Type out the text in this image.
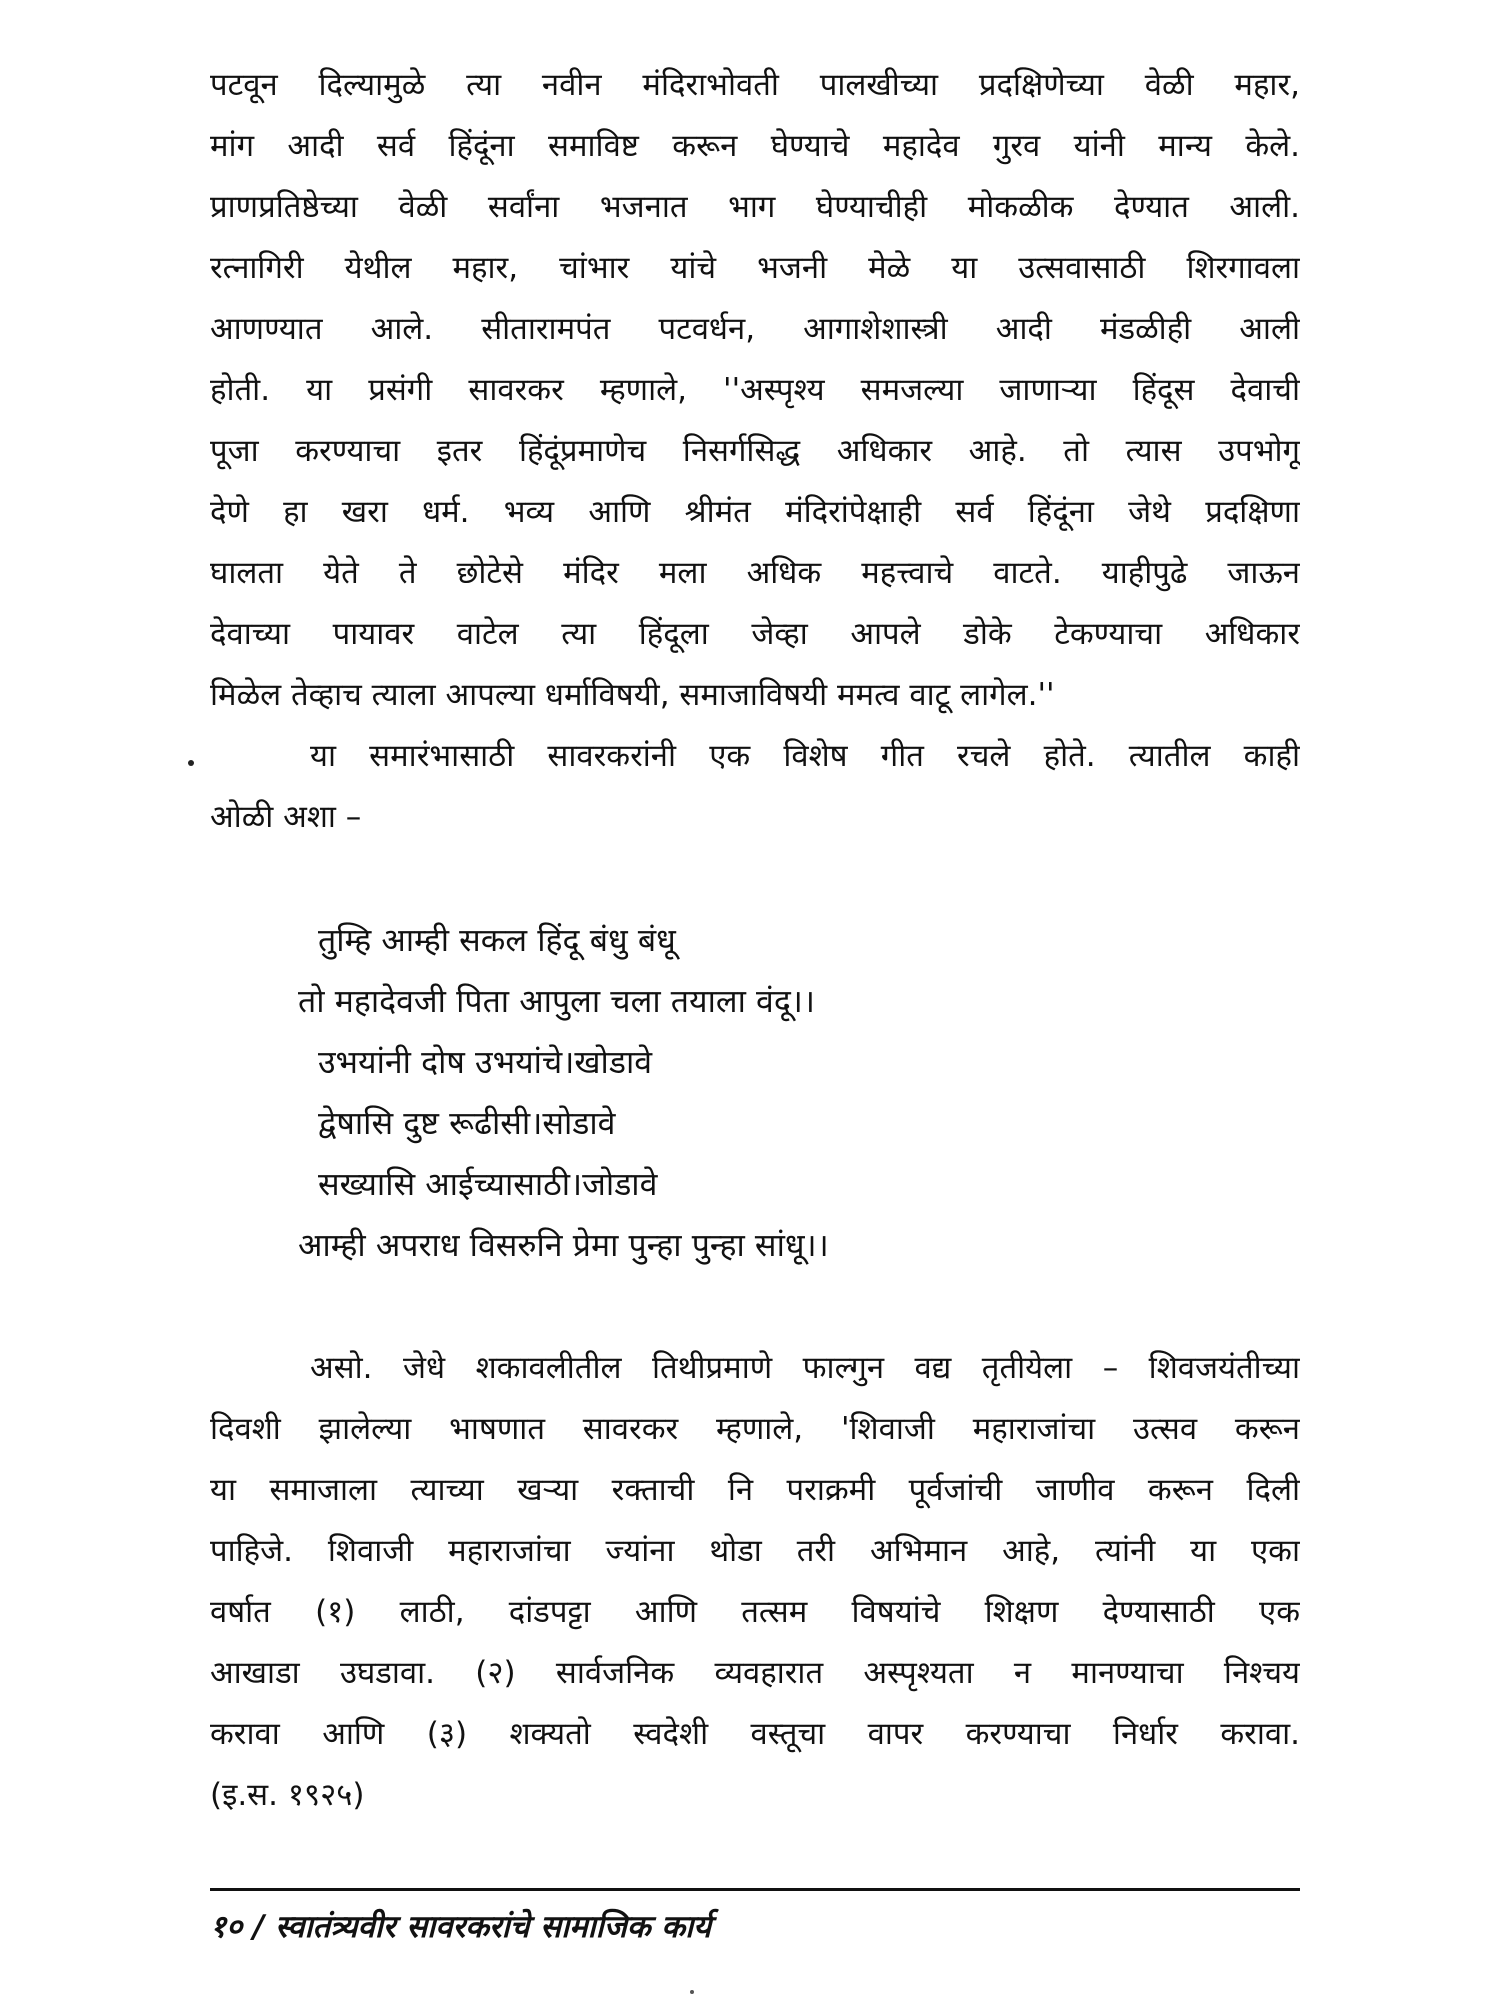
पटवून दिल्यामुळे त्या नवीन मंदिराभोवती पालखीच्या प्रदक्षिणेच्या वेळी महार,
मांग आदी सर्व हिंदूंना समाविष्ट करून घेण्याचे महादेव गुरव यांनी मान्य केले.
प्राणप्रतिष्ठेच्या वेळी सर्वांना भजनात भाग घेण्याचीही मोकळीक देण्यात आली.
रत्नागिरी येथील महार, चांभार यांचे भजनी मेळे या उत्सवासाठी शिरगावला
आणण्यात आले. सीतारामपंत पटवर्धन, आगाशेशास्त्री आदी मंडळीही आली
होती. या प्रसंगी सावरकर म्हणाले, ''अस्पृश्य समजल्या जाणाऱ्या हिंदूस देवाची
पूजा करण्याचा इतर हिंदूंप्रमाणेच निसर्गसिद्ध अधिकार आहे. तो त्यास उपभोगू
देणे हा खरा धर्म. भव्य आणि श्रीमंत मंदिरांपेक्षाही सर्व हिंदूंना जेथे प्रदक्षिणा
घालता येते ते छोटेसे मंदिर मला अधिक महत्त्वाचे वाटते. याहीपुढे जाऊन
देवाच्या पायावर वाटेल त्या हिंदूला जेव्हा आपले डोके टेकण्याचा अधिकार
मिळेल तेव्हाच त्याला आपल्या धर्माविषयी, समाजाविषयी ममत्व वाटू लागेल.''
या समारंभासाठी सावरकरांनी एक विशेष गीत रचले होते. त्यातील काही
ओळी अशा –
तुम्हि आम्ही सकल हिंदू बंधु बंधू
तो महादेवजी पिता आपुला चला तयाला वंदू।।
उभयांनी दोष उभयांचे।खोडावे
द्वेषासि दुष्ट रूढीसी।सोडावे
सख्यासि आईच्यासाठी।जोडावे
आम्ही अपराध विसरुनि प्रेमा पुन्हा पुन्हा सांधू।।
असो. जेधे शकावलीतील तिथीप्रमाणे फाल्गुन वद्य तृतीयेला – शिवजयंतीच्या
दिवशी झालेल्या भाषणात सावरकर म्हणाले, 'शिवाजी महाराजांचा उत्सव करून
या समाजाला त्याच्या खऱ्या रक्ताची नि पराक्रमी पूर्वजांची जाणीव करून दिली
पाहिजे. शिवाजी महाराजांचा ज्यांना थोडा तरी अभिमान आहे, त्यांनी या एका
वर्षात (१) लाठी, दांडपट्टा आणि तत्सम विषयांचे शिक्षण देण्यासाठी एक
आखाडा उघडावा. (२) सार्वजनिक व्यवहारात अस्पृश्यता न मानण्याचा निश्चय
करावा आणि (३) शक्यतो स्वदेशी वस्तूचा वापर करण्याचा निर्धार करावा.
(इ.स. १९२५)
१० / स्वातंत्र्यवीर सावरकरांचे सामाजिक कार्य
